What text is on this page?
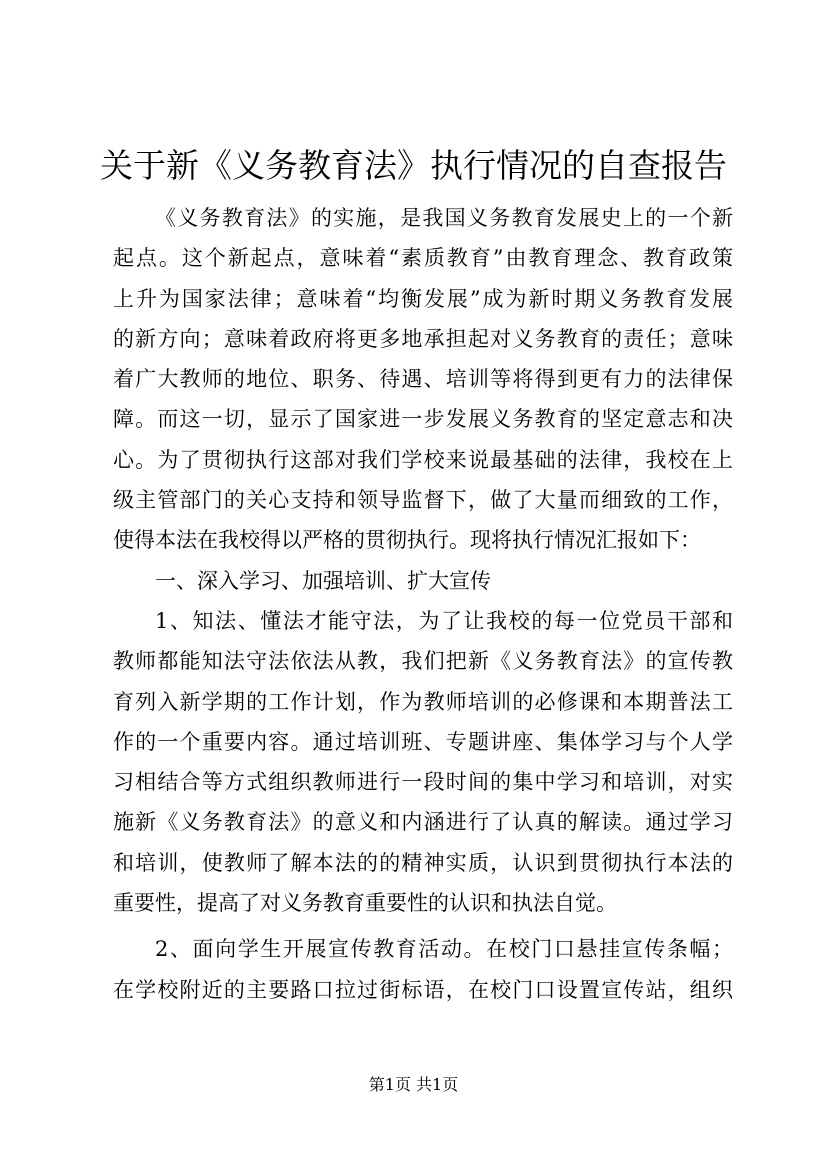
关于新《义务教育法》执行情况的自查报告

《义务教育法》的实施，是我国义务教育发展史上的一个新

起点。这个新起点，意味着“素质教育”由教育理念、教育政策

上升为国家法律；意味着“均衡发展”成为新时期义务教育发展

的新方向；意味着政府将更多地承担起对义务教育的责任；意味

着广大教师的地位、职务、待遇、培训等将得到更有力的法律保

障。而这一切，显示了国家进一步发展义务教育的坚定意志和决

心。为了贯彻执行这部对我们学校来说最基础的法律，我校在上

级主管部门的关心支持和领导监督下，做了大量而细致的工作，

使得本法在我校得以严格的贯彻执行。现将执行情况汇报如下：

一、深入学习、加强培训、扩大宣传

1、知法、懂法才能守法，为了让我校的每一位党员干部和

教师都能知法守法依法从教，我们把新《义务教育法》的宣传教

育列入新学期的工作计划，作为教师培训的必修课和本期普法工

作的一个重要内容。通过培训班、专题讲座、集体学习与个人学

习相结合等方式组织教师进行一段时间的集中学习和培训，对实

施新《义务教育法》的意义和内涵进行了认真的解读。通过学习

和培训，使教师了解本法的的精神实质，认识到贯彻执行本法的

重要性，提高了对义务教育重要性的认识和执法自觉。

2、面向学生开展宣传教育活动。在校门口悬挂宣传条幅；

在学校附近的主要路口拉过街标语，在校门口设置宣传站，组织

第1页 共1页
